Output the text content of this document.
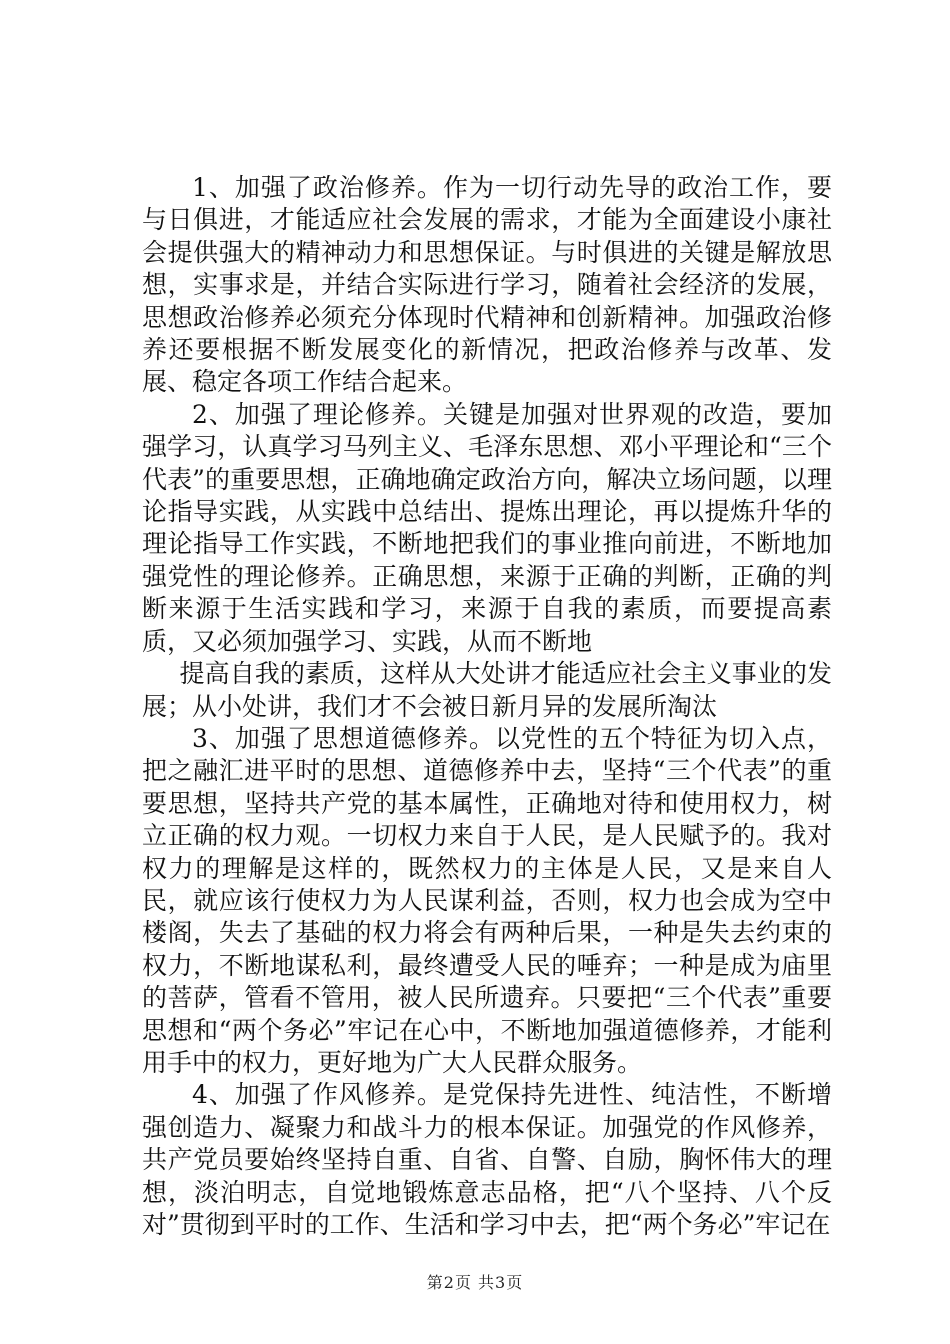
1、加强了政治修养。作为一切行动先导的政治工作，要与日俱进，才能适应社会发展的需求，才能为全面建设小康社会提供强大的精神动力和思想保证。与时俱进的关键是解放思想，实事求是，并结合实际进行学习，随着社会经济的发展，思想政治修养必须充分体现时代精神和创新精神。加强政治修养还要根据不断发展变化的新情况，把政治修养与改革、发展、稳定各项工作结合起来。

2、加强了理论修养。关键是加强对世界观的改造，要加强学习，认真学习马列主义、毛泽东思想、邓小平理论和“三个代表”的重要思想，正确地确定政治方向，解决立场问题，以理论指导实践，从实践中总结出、提炼出理论，再以提炼升华的理论指导工作实践，不断地把我们的事业推向前进，不断地加强党性的理论修养。正确思想，来源于正确的判断，正确的判断来源于生活实践和学习，来源于自我的素质，而要提高素质，又必须加强学习、实践，从而不断地

提高自我的素质，这样从大处讲才能适应社会主义事业的发展；从小处讲，我们才不会被日新月异的发展所淘汰

3、加强了思想道德修养。以党性的五个特征为切入点，把之融汇进平时的思想、道德修养中去，坚持“三个代表”的重要思想，坚持共产党的基本属性，正确地对待和使用权力，树立正确的权力观。一切权力来自于人民，是人民赋予的。我对权力的理解是这样的，既然权力的主体是人民，又是来自人民，就应该行使权力为人民谋利益，否则，权力也会成为空中楼阁，失去了基础的权力将会有两种后果，一种是失去约束的权力，不断地谋私利，最终遭受人民的唾弃；一种是成为庙里的菩萨，管看不管用，被人民所遗弃。只要把“三个代表”重要思想和“两个务必”牢记在心中，不断地加强道德修养，才能利用手中的权力，更好地为广大人民群众服务。

4、加强了作风修养。是党保持先进性、纯洁性，不断增强创造力、凝聚力和战斗力的根本保证。加强党的作风修养，共产党员要始终坚持自重、自省、自警、自励，胸怀伟大的理想，淡泊明志，自觉地锻炼意志品格，把“八个坚持、八个反对”贯彻到平时的工作、生活和学习中去，把“两个务必”牢记在

第2页 共3页
